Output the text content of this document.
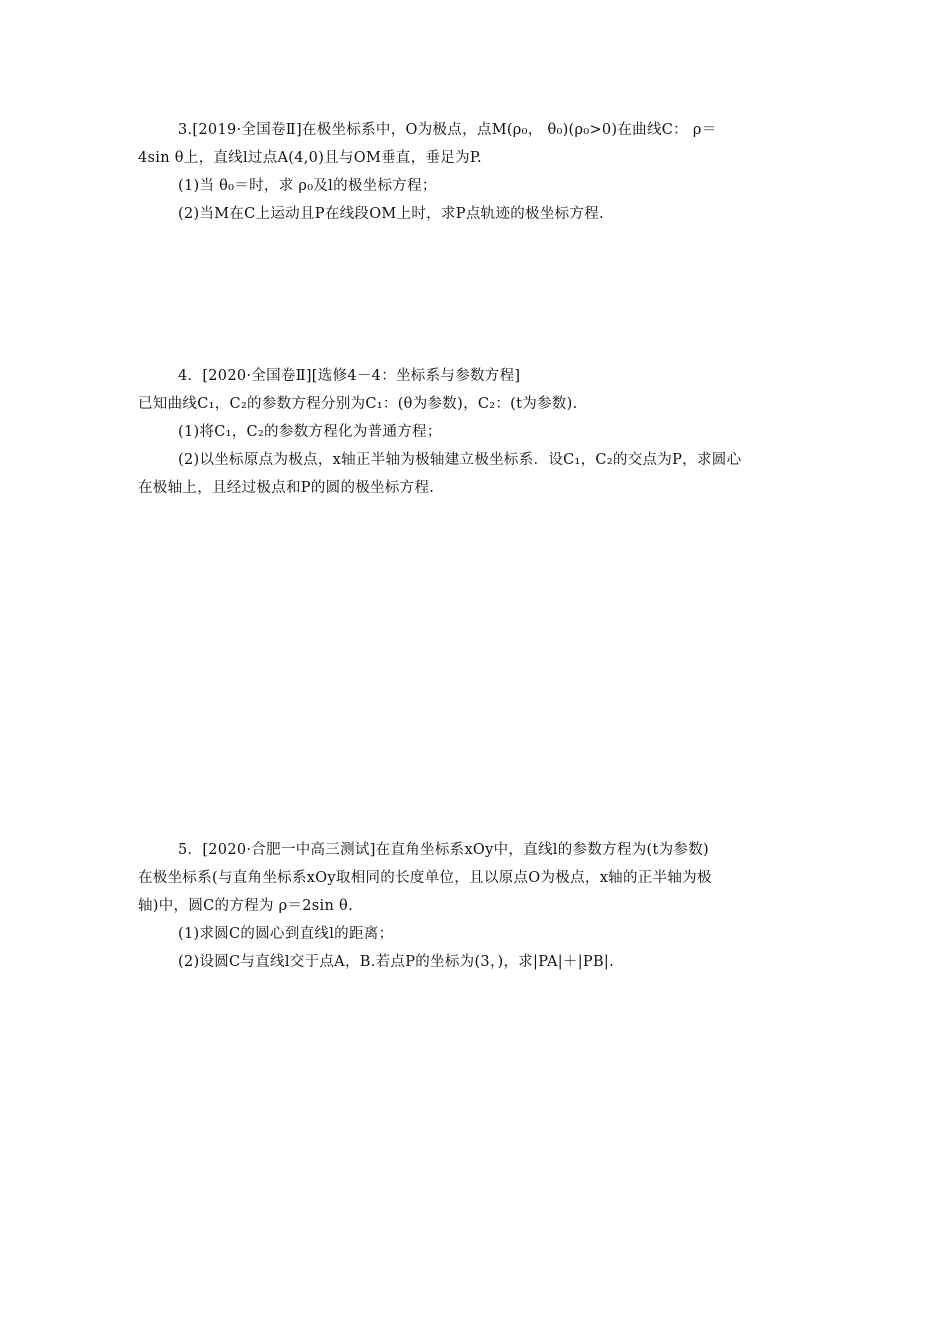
3.[2019·全国卷Ⅱ]在极坐标系中，O为极点，点M(ρ₀， θ₀)(ρ₀>0)在曲线C： ρ＝
4sin θ上，直线l过点A(4,0)且与OM垂直，垂足为P.
(1)当 θ₀＝时，求 ρ₀及l的极坐标方程；
(2)当M在C上运动且P在线段OM上时，求P点轨迹的极坐标方程.
4．[2020·全国卷Ⅱ][选修4－4：坐标系与参数方程]
已知曲线C₁，C₂的参数方程分别为C₁：(θ为参数)，C₂：(t为参数).
(1)将C₁，C₂的参数方程化为普通方程；
(2)以坐标原点为极点，x轴正半轴为极轴建立极坐标系．设C₁，C₂的交点为P，求圆心
在极轴上，且经过极点和P的圆的极坐标方程.
5．[2020·合肥一中高三测试]在直角坐标系xOy中，直线l的参数方程为(t为参数)
在极坐标系(与直角坐标系xOy取相同的长度单位，且以原点O为极点，x轴的正半轴为极
轴)中，圆C的方程为 ρ＝2sin θ.
(1)求圆C的圆心到直线l的距离；
(2)设圆C与直线l交于点A，B.若点P的坐标为(3，)，求|PA|＋|PB|.
